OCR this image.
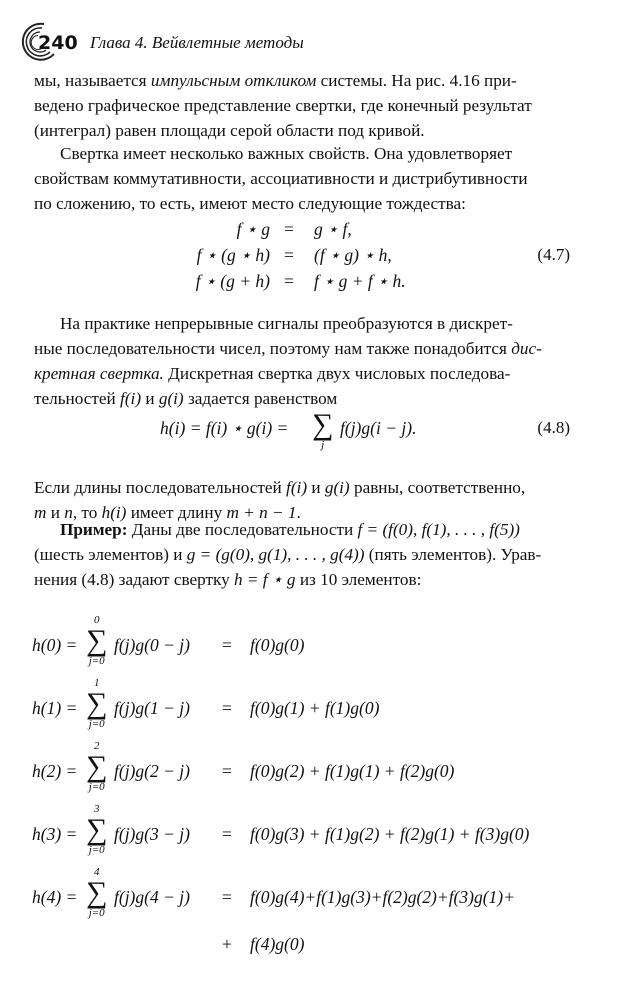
240 Глава 4. Вейвлетные методы
мы, называется импульсным откликом системы. На рис. 4.16 при-
ведено графическое представление свертки, где конечный результат
(интеграл) равен площади серой области под кривой.
Свертка имеет несколько важных свойств. Она удовлетворяет
свойствам коммутативности, ассоциативности и дистрибутивности
по сложению, то есть, имеют место следующие тождества:
f ⋆ g = g ⋆ f,
f ⋆ (g ⋆ h) = (f ⋆ g) ⋆ h,
f ⋆ (g + h) = f ⋆ g + f ⋆ h.
(4.7)
На практике непрерывные сигналы преобразуются в дискрет-
ные последовательности чисел, поэтому нам также понадобится дис-
кретная свертка. Дискретная свертка двух числовых последова-
тельностей f(i) и g(i) задается равенством
h(i) = f(i) ⋆ g(i) = ∑
j
f(j)g(i − j).	(4.8)
Если длины последовательностей f(i) и g(i) равны, соответственно,
m и n, то h(i) имеет длину m + n − 1.
Пример: Даны две последовательности f = (f(0), f(1), . . . , f(5))
(шесть элементов) и g = (g(0), g(1), . . . , g(4)) (пять элементов). Урав-
нения (4.8) задают свертку h = f ⋆ g из 10 элементов:
h(0) =
0
∑
j=0
f(j)g(0 − j) = f(0)g(0)
h(1) =
1
∑
j=0
f(j)g(1 − j) = f(0)g(1) + f(1)g(0)
h(2) =
2
∑
j=0
f(j)g(2 − j) = f(0)g(2) + f(1)g(1) + f(2)g(0)
h(3) =
3
∑
j=0
f(j)g(3 − j) = f(0)g(3) + f(1)g(2) + f(2)g(1) + f(3)g(0)
h(4) =
4
∑
j=0
f(j)g(4 − j) = f(0)g(4)+f(1)g(3)+f(2)g(2)+f(3)g(1)+
+ f(4)g(0)
